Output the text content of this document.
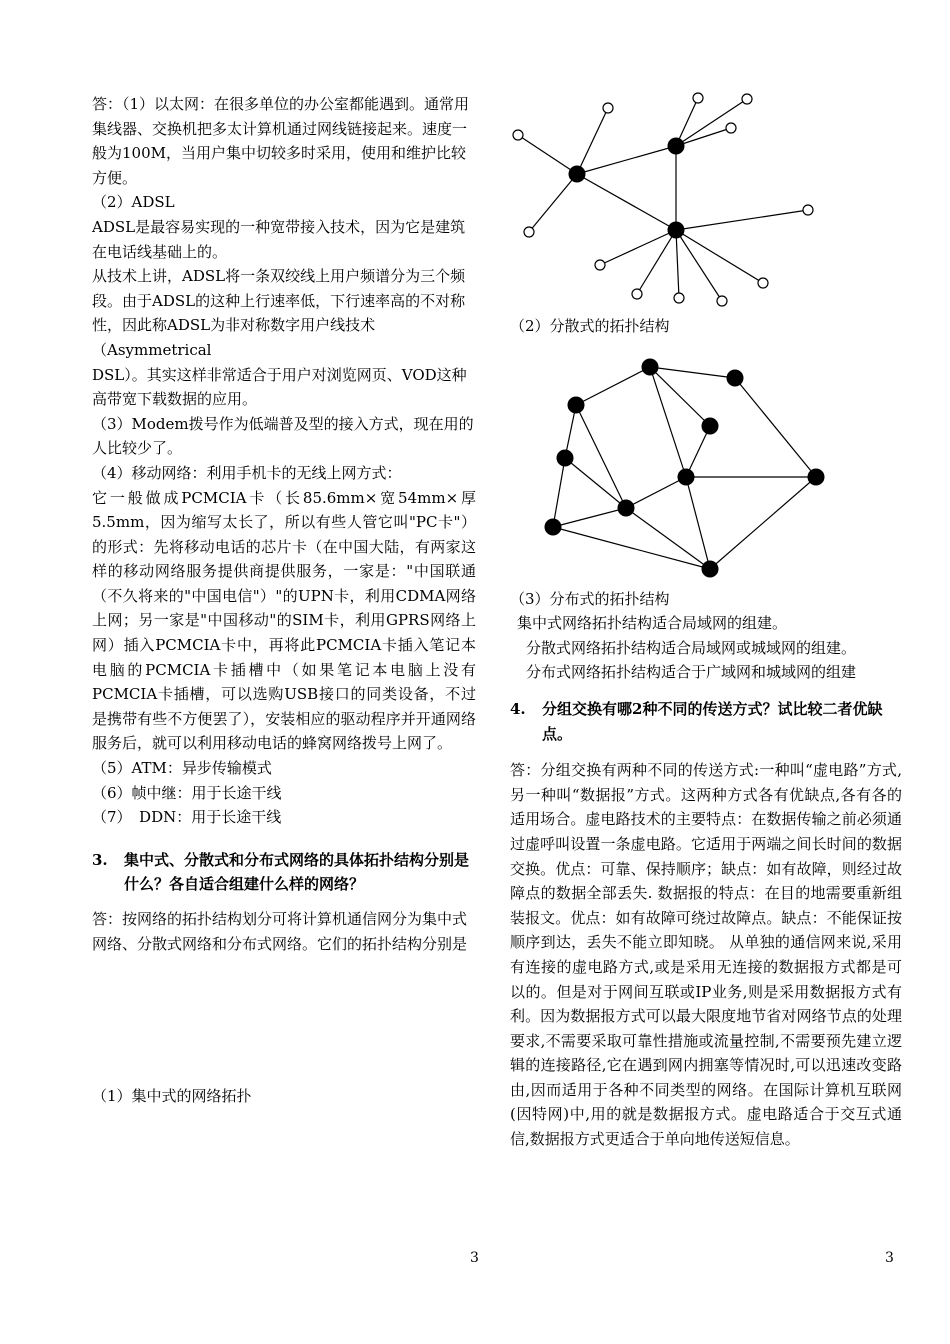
答：（1）以太网：在很多单位的办公室都能遇到。通常用集线器、交换机把多太计算机通过网线链接起来。速度一般为100M，当用户集中切较多时采用，使用和维护比较方便。

（2）ADSL

ADSL是最容易实现的一种宽带接入技术，因为它是建筑在电话线基础上的。

从技术上讲，ADSL将一条双绞线上用户频谱分为三个频段。由于ADSL的这种上行速率低，下行速率高的不对称性，因此称ADSL为非对称数字用户线技术（Asymmetrical

DSL）。其实这样非常适合于用户对浏览网页、VOD这种高带宽下载数据的应用。

（3）Modem拨号作为低端普及型的接入方式，现在用的人比较少了。

（4）移动网络：利用手机卡的无线上网方式：

它一般做成PCMCIA卡（长85.6mm×宽54mm×厚5.5mm，因为缩写太长了，所以有些人管它叫"PC卡"）的形式：先将移动电话的芯片卡（在中国大陆，有两家这样的移动网络服务提供商提供服务，一家是："中国联通（不久将来的"中国电信"）"的UPN卡，利用CDMA网络上网；另一家是"中国移动"的SIM卡，利用GPRS网络上网）插入PCMCIA卡中，再将此PCMCIA卡插入笔记本电脑的PCMCIA卡插槽中（如果笔记本电脑上没有PCMCIA卡插槽，可以选购USB接口的同类设备，不过是携带有些不方便罢了），安装相应的驱动程序并开通网络服务后，就可以利用移动电话的蜂窝网络拨号上网了。

（5）ATM：异步传输模式

（6）帧中继：用于长途干线

（7）　DDN：用于长途干线

3.	集中式、分散式和分布式网络的具体拓扑结构分别是什么？各自适合组建什么样的网络？

答：按网络的拓扑结构划分可将计算机通信网分为集中式网络、分散式网络和分布式网络。它们的拓扑结构分别是

（1）集中式的网络拓扑

（2）分散式的拓扑结构

（3）分布式的拓扑结构

集中式网络拓扑结构适合局域网的组建。

分散式网络拓扑结构适合局域网或城域网的组建。

分布式网络拓扑结构适合于广域网和城域网的组建

4.	分组交换有哪2种不同的传送方式？试比较二者优缺点。

答：分组交换有两种不同的传送方式:一种叫“虚电路”方式,另一种叫“数据报”方式。这两种方式各有优缺点,各有各的适用场合。虚电路技术的主要特点：在数据传输之前必须通过虚呼叫设置一条虚电路。它适用于两端之间长时间的数据交换。优点：可靠、保持顺序；缺点：如有故障，则经过故障点的数据全部丢失. 数据报的特点：在目的地需要重新组装报文。优点：如有故障可绕过故障点。缺点：不能保证按顺序到达，丢失不能立即知晓。 从单独的通信网来说,采用有连接的虚电路方式,或是采用无连接的数据报方式都是可以的。但是对于网间互联或IP业务,则是采用数据报方式有利。因为数据报方式可以最大限度地节省对网络节点的处理要求,不需要采取可靠性措施或流量控制,不需要预先建立逻辑的连接路径,它在遇到网内拥塞等情况时,可以迅速改变路由,因而适用于各种不同类型的网络。在国际计算机互联网(因特网)中,用的就是数据报方式。虚电路适合于交互式通信,数据报方式更适合于单向地传送短信息。

3	3
